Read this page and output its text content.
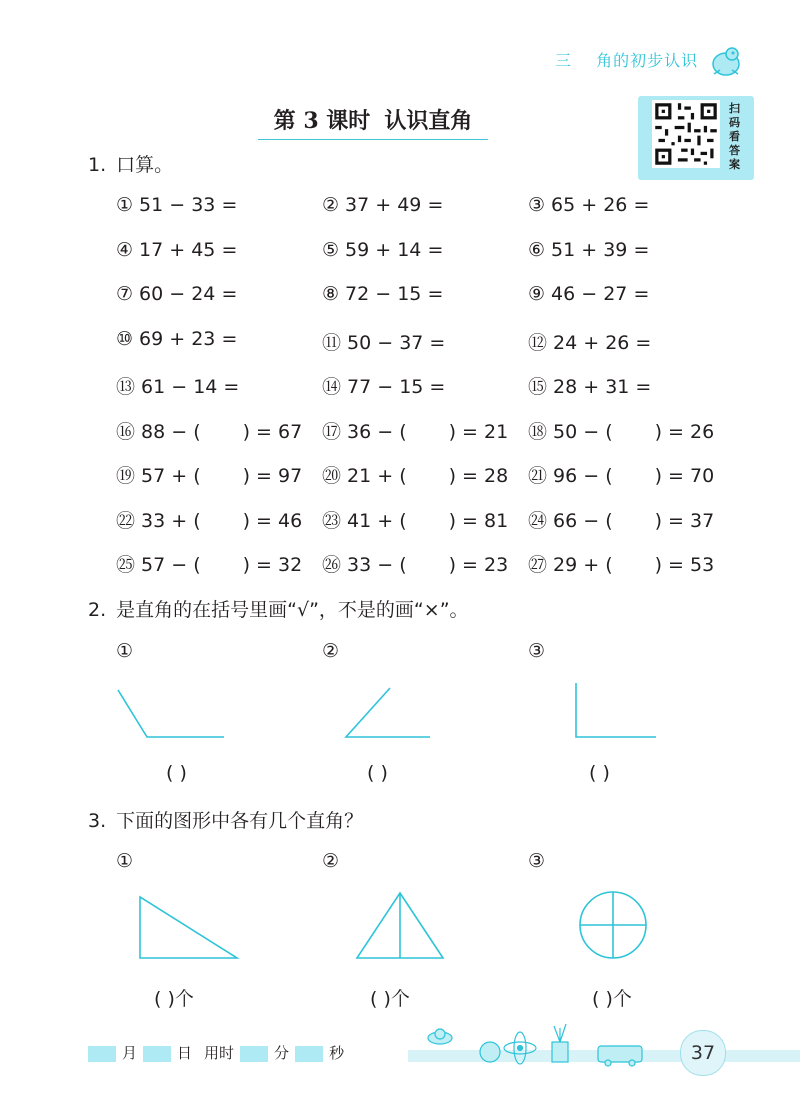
三 角的初步认识
第 3 课时 认识直角	扫
码
看
答
案
1. 口算。
① 51 − 33 =	② 37 + 49 =	③ 65 + 26 =
④ 17 + 45 =	⑤ 59 + 14 =	⑥ 51 + 39 =
⑦ 60 − 24 =	⑧ 72 − 15 =	⑨ 46 − 27 =
⑩ 69 + 23 =	⑪ 50 − 37 =	⑫ 24 + 26 =
⑬ 61 − 14 =	⑭ 77 − 15 =	⑮ 28 + 31 =
⑯ 88 − ( ) = 67 ⑰ 36 − ( ) = 21 ⑱ 50 − ( ) = 26
⑲ 57 + ( ) = 97 ⑳ 21 + ( ) = 28 ㉑ 96 − ( ) = 70
㉒ 33 + ( ) = 46 ㉓ 41 + ( ) = 81 ㉔ 66 − ( ) = 37
㉕ 57 − ( ) = 32 ㉖ 33 − ( ) = 23 ㉗ 29 + ( ) = 53
2. 是直角的在括号里画“√”，不是的画“×”。
①	②	③
( )	( )	( )
3. 下面的图形中各有几个直角？
①	②	③
( )个	( )个	( )个
37
月	日 用时	分	秒
